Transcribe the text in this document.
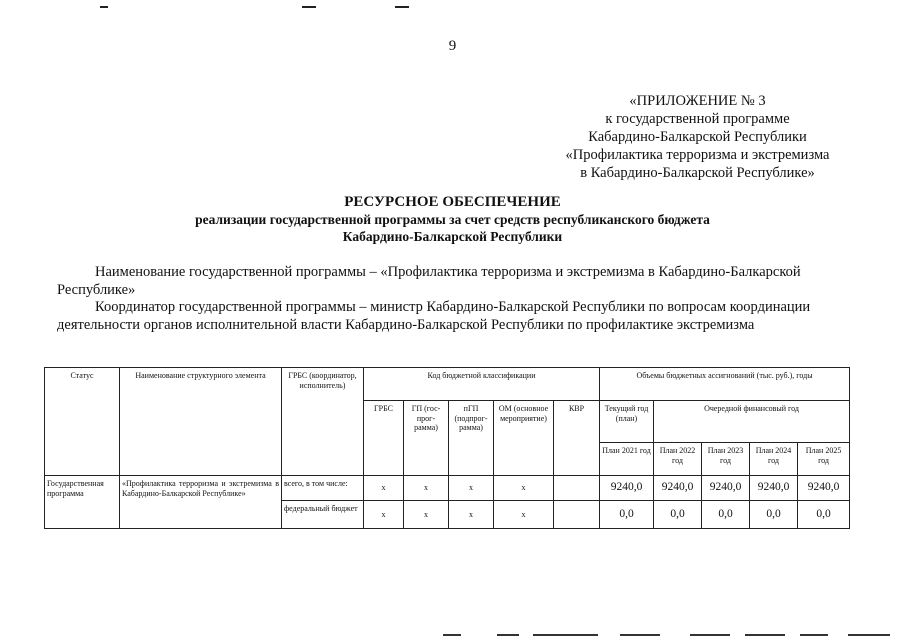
9
«ПРИЛОЖЕНИЕ № 3
к государственной программе
Кабардино-Балкарской Республики
«Профилактика терроризма и экстремизма
в Кабардино-Балкарской Республике»
РЕСУРСНОЕ ОБЕСПЕЧЕНИЕ
реализации государственной программы за счет средств республиканского бюджета
Кабардино-Балкарской Республики
Наименование государственной программы – «Профилактика терроризма и экстремизма в Кабардино-Балкарской Республике»
Координатор государственной программы – министр Кабардино-Балкарской Республики по вопросам координации деятельности органов исполнительной власти Кабардино-Балкарской Республики по профилактике экстремизма
Статус	Наименование структурного элемента	ГРБС (координатор, исполнитель)	Код бюджетной классификации					Объемы бюджетных ассигнований (тыс. руб.), годы				
			ГРБС	ГП (гос-прог-рамма)	пГП (подпрог-рамма)	ОМ (основное мероприятие)	КВР	Текущий год (план)	Очередной финансовый год			
								План 2021 год	План 2022 год	План 2023 год	План 2024 год	План 2025 год
Государственная программа	«Профилактика терроризма и экстремизма в Кабардино-Балкарской Республике»	всего, в том числе:	x	x	x	x		9240,0	9240,0	9240,0	9240,0	9240,0
		федеральный бюджет	x	x	x	x		0,0	0,0	0,0	0,0	0,0
